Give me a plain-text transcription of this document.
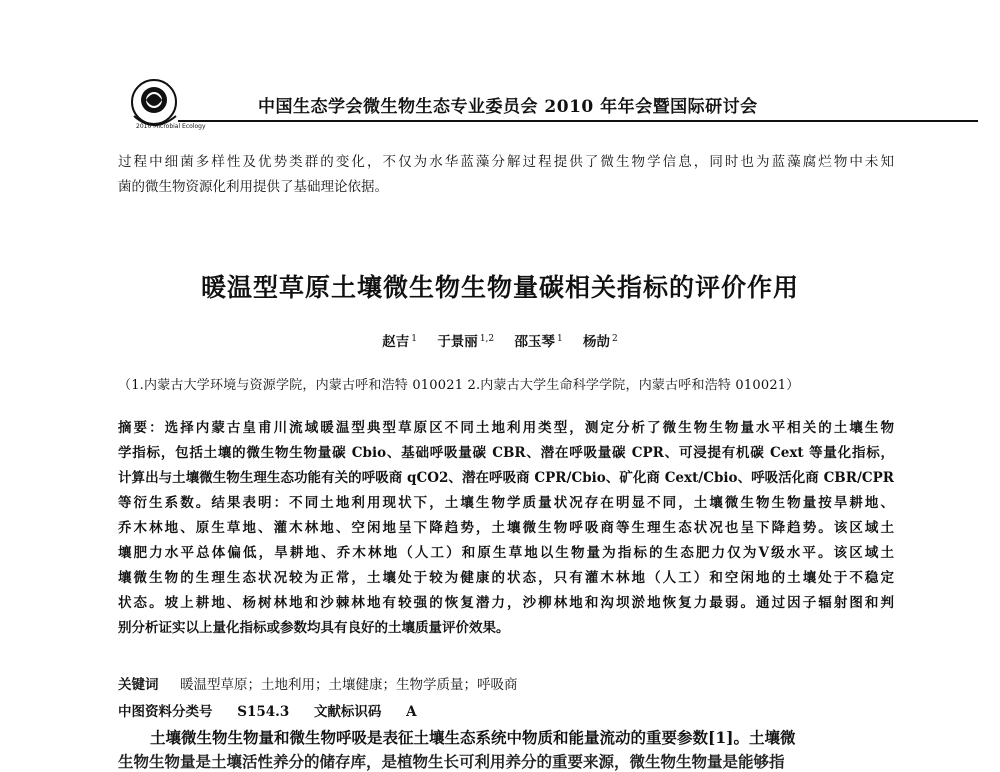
2010 Microbial Ecology
中国生态学会微生物生态专业委员会 2010 年年会暨国际研讨会
过程中细菌多样性及优势类群的变化，不仅为水华蓝藻分解过程提供了微生物学信息，同时也为蓝藻腐烂物中未知
菌的微生物资源化利用提供了基础理论依据。
暖温型草原土壤微生物生物量碳相关指标的评价作用
赵吉 $^1$ 于景丽 $^{1,2}$ 邵玉琴 $^1$ 杨劼 $^2$
（1.内蒙古大学环境与资源学院，内蒙古呼和浩特 010021 2.内蒙古大学生命科学学院，内蒙古呼和浩特 010021）
摘要：选择内蒙古皇甫川流域暖温型典型草原区不同土地利用类型，测定分析了微生物生物量水平相关的土壤生物
学指标，包括土壤的微生物生物量碳 Cbio、基础呼吸量碳 CBR、潜在呼吸量碳 CPR、可浸提有机碳 Cext 等量化指标，
计算出与土壤微生物生理生态功能有关的呼吸商 qCO2、潜在呼吸商 CPR/Cbio、矿化商 Cext/Cbio、呼吸活化商 CBR/CPR
等衍生系数。结果表明：不同土地利用现状下，土壤生物学质量状况存在明显不同，土壤微生物生物量按旱耕地、
乔木林地、原生草地、灌木林地、空闲地呈下降趋势，土壤微生物呼吸商等生理生态状况也呈下降趋势。该区域土
壤肥力水平总体偏低，旱耕地、乔木林地（人工）和原生草地以生物量为指标的生态肥力仅为Ⅴ级水平。该区域土
壤微生物的生理生态状况较为正常，土壤处于较为健康的状态，只有灌木林地（人工）和空闲地的土壤处于不稳定
状态。坡上耕地、杨树林地和沙棘林地有较强的恢复潜力，沙柳林地和沟坝淤地恢复力最弱。通过因子辐射图和判
别分析证实以上量化指标或参数均具有良好的土壤质量评价效果。
关键词 暖温型草原；土地利用；土壤健康；生物学质量；呼吸商
中图资料分类号 S154.3 文献标识码 A
土壤微生物生物量和微生物呼吸是表征土壤生态系统中物质和能量流动的重要参数[1]。土壤微
生物生物量是土壤活性养分的储存库，是植物生长可利用养分的重要来源，微生物生物量是能够指
